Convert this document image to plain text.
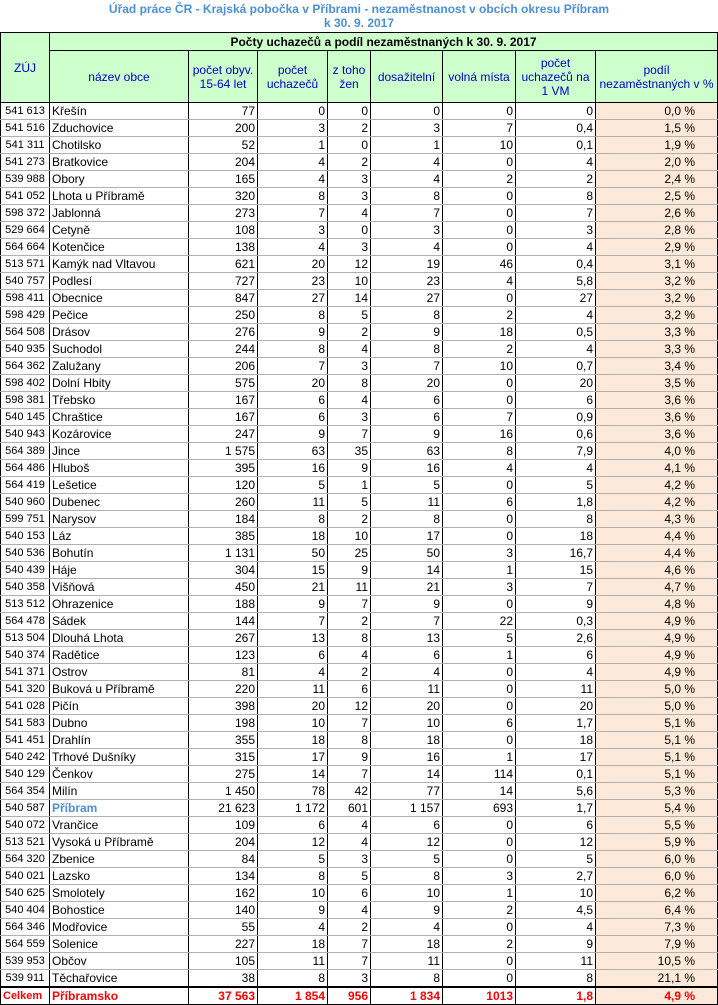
Úřad práce ČR - Krajská pobočka v Příbrami - nezaměstnanost v obcích okresu Příbram
k 30. 9. 2017
ZÚJ	Počty uchazečů a podíl nezaměstnaných k 30. 9. 2017							
	název obce	počet obyv. 15-64 let	počet uchazečů	z toho žen	dosažitelní	volná místa	počet uchazečů na 1 VM	podíl nezaměstnaných v %
541 613	Křešín	77	0	0	0	0	0	0,0 %
541 516	Zduchovice	200	3	2	3	7	0,4	1,5 %
541 311	Chotilsko	52	1	0	1	10	0,1	1,9 %
541 273	Bratkovice	204	4	2	4	0	4	2,0 %
539 988	Obory	165	4	3	4	2	2	2,4 %
541 052	Lhota u Příbramě	320	8	3	8	0	8	2,5 %
598 372	Jablonná	273	7	4	7	0	7	2,6 %
529 664	Cetyně	108	3	0	3	0	3	2,8 %
564 664	Kotenčice	138	4	3	4	0	4	2,9 %
513 571	Kamýk nad Vltavou	621	20	12	19	46	0,4	3,1 %
540 757	Podlesí	727	23	10	23	4	5,8	3,2 %
598 411	Obecnice	847	27	14	27	0	27	3,2 %
598 429	Pečice	250	8	5	8	2	4	3,2 %
564 508	Drásov	276	9	2	9	18	0,5	3,3 %
540 935	Suchodol	244	8	4	8	2	4	3,3 %
564 362	Zalužany	206	7	3	7	10	0,7	3,4 %
598 402	Dolní Hbity	575	20	8	20	0	20	3,5 %
598 381	Třebsko	167	6	4	6	0	6	3,6 %
540 145	Chraštice	167	6	3	6	7	0,9	3,6 %
540 943	Kozárovice	247	9	7	9	16	0,6	3,6 %
564 389	Jince	1 575	63	35	63	8	7,9	4,0 %
564 486	Hluboš	395	16	9	16	4	4	4,1 %
564 419	Lešetice	120	5	1	5	0	5	4,2 %
540 960	Dubenec	260	11	5	11	6	1,8	4,2 %
599 751	Narysov	184	8	2	8	0	8	4,3 %
540 153	Láz	385	18	10	17	0	18	4,4 %
540 536	Bohutín	1 131	50	25	50	3	16,7	4,4 %
540 439	Háje	304	15	9	14	1	15	4,6 %
540 358	Višňová	450	21	11	21	3	7	4,7 %
513 512	Ohrazenice	188	9	7	9	0	9	4,8 %
564 478	Sádek	144	7	2	7	22	0,3	4,9 %
513 504	Dlouhá Lhota	267	13	8	13	5	2,6	4,9 %
540 374	Radětice	123	6	4	6	1	6	4,9 %
541 371	Ostrov	81	4	2	4	0	4	4,9 %
541 320	Buková u Příbramě	220	11	6	11	0	11	5,0 %
541 028	Pičín	398	20	12	20	0	20	5,0 %
541 583	Dubno	198	10	7	10	6	1,7	5,1 %
541 451	Drahlín	355	18	8	18	0	18	5,1 %
540 242	Trhové Dušníky	315	17	9	16	1	17	5,1 %
540 129	Čenkov	275	14	7	14	114	0,1	5,1 %
564 354	Milín	1 450	78	42	77	14	5,6	5,3 %
540 587	Příbram	21 623	1 172	601	1 157	693	1,7	5,4 %
540 072	Vrančice	109	6	4	6	0	6	5,5 %
513 521	Vysoká u Příbramě	204	12	4	12	0	12	5,9 %
564 320	Zbenice	84	5	3	5	0	5	6,0 %
540 021	Lazsko	134	8	5	8	3	2,7	6,0 %
540 625	Smolotely	162	10	6	10	1	10	6,2 %
540 404	Bohostice	140	9	4	9	2	4,5	6,4 %
564 346	Modřovice	55	4	2	4	0	4	7,3 %
564 559	Solenice	227	18	7	18	2	9	7,9 %
539 953	Občov	105	11	7	11	0	11	10,5 %
539 911	Těchařovice	38	8	3	8	0	8	21,1 %
Celkem	Příbramsko	37 563	1 854	956	1 834	1013	1,8	4,9 %
